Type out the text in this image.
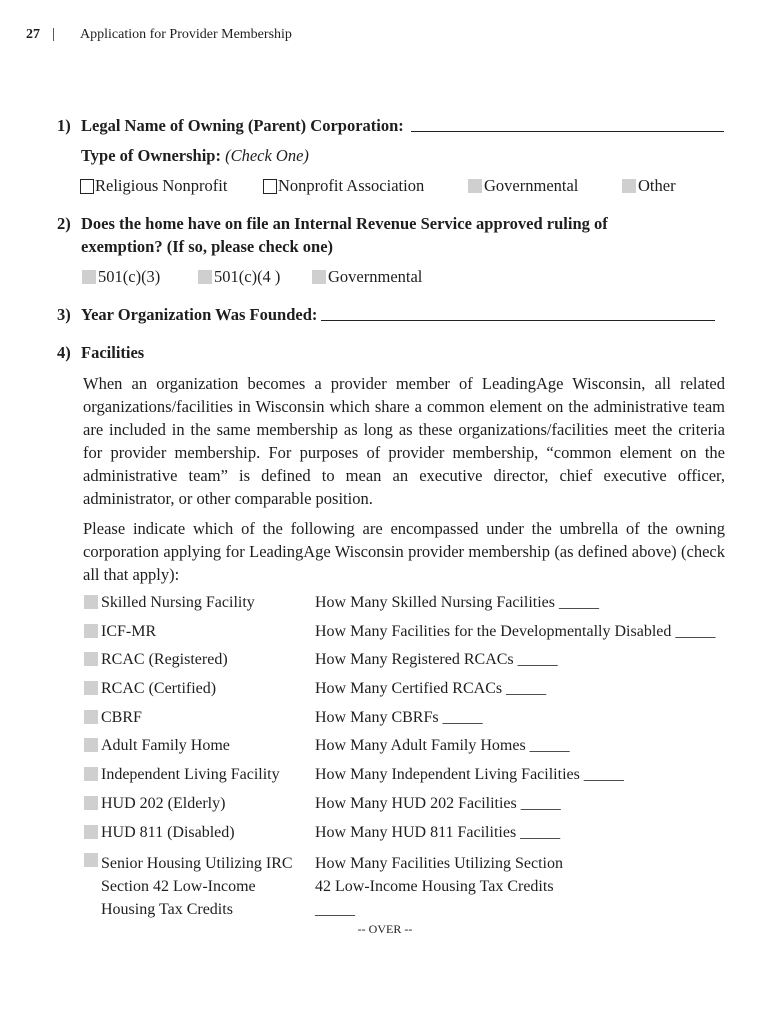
27 | Application for Provider Membership
1) Legal Name of Owning (Parent) Corporation:
Type of Ownership: (Check One)
Religious Nonprofit	Nonprofit Association	Governmental	Other
2) Does the home have on file an Internal Revenue Service approved ruling of
exemption? (If so, please check one)
501(c)(3)	501(c)(4 )	Governmental
3) Year Organization Was Founded:
4) Facilities

When an organization becomes a provider member of LeadingAge Wisconsin, all related organizations/facilities in Wisconsin which share a common element on the administrative team are included in the same membership as long as these organizations/facilities meet the criteria for provider membership. For purposes of provider membership, “common element on the administrative team” is defined to mean an executive director, chief executive officer, administrator, or other comparable position.

Please indicate which of the following are encompassed under the umbrella of the owning corporation applying for LeadingAge Wisconsin provider membership (as defined above) (check all that apply):

Skilled Nursing Facility	How Many Skilled Nursing Facilities _____
ICF-MR	How Many Facilities for the Developmentally Disabled _____
RCAC (Registered)	How Many Registered RCACs _____
RCAC (Certified)	How Many Certified RCACs _____
CBRF	How Many CBRFs _____
Adult Family Home	How Many Adult Family Homes _____
Independent Living Facility How Many Independent Living Facilities _____
HUD 202 (Elderly)	How Many HUD 202 Facilities _____
HUD 811 (Disabled)	How Many HUD 811 Facilities _____
Senior Housing Utilizing IRC Section 42 Low-Income Housing Tax Credits
How Many Facilities Utilizing Section 42 Low-Income Housing Tax Credits _____
-- OVER --
